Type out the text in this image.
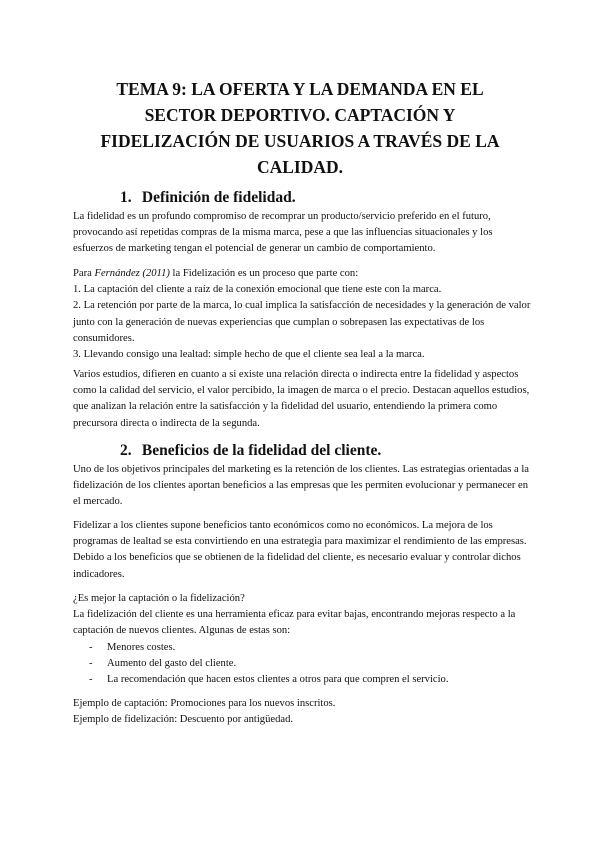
TEMA 9: LA OFERTA Y LA DEMANDA EN EL SECTOR DEPORTIVO. CAPTACIÓN Y FIDELIZACIÓN DE USUARIOS A TRAVÉS DE LA CALIDAD.
1. Definición de fidelidad.

La fidelidad es un profundo compromiso de recomprar un producto/servicio preferido en el futuro, provocando así repetidas compras de la misma marca, pese a que las influencias situacionales y los esfuerzos de marketing tengan el potencial de generar un cambio de comportamiento.

Para Fernández (2011) la Fidelización es un proceso que parte con:

1. La captación del cliente a raíz de la conexión emocional que tiene este con la marca.

2. La retención por parte de la marca, lo cual implica la satisfacción de necesidades y la generación de valor junto con la generación de nuevas experiencias que cumplan o sobrepasen las expectativas de los consumidores.

3. Llevando consigo una lealtad: simple hecho de que el cliente sea leal a la marca.

Varios estudios, difieren en cuanto a si existe una relación directa o indirecta entre la fidelidad y aspectos como la calidad del servicio, el valor percibido, la imagen de marca o el precio. Destacan aquellos estudios, que analizan la relación entre la satisfacción y la fidelidad del usuario, entendiendo la primera como precursora directa o indirecta de la segunda.

2. Beneficios de la fidelidad del cliente.

Uno de los objetivos principales del marketing es la retención de los clientes. Las estrategias orientadas a la fidelización de los clientes aportan beneficios a las empresas que les permiten evolucionar y permanecer en el mercado.

Fidelizar a los clientes supone beneficios tanto económicos como no económicos. La mejora de los programas de lealtad se esta convirtiendo en una estrategia para maximizar el rendimiento de las empresas. Debido a los beneficios que se obtienen de la fidelidad del cliente, es necesario evaluar y controlar dichos indicadores.

¿Es mejor la captación o la fidelización?

La fidelización del cliente es una herramienta eficaz para evitar bajas, encontrando mejoras respecto a la captación de nuevos clientes. Algunas de estas son:

- Menores costes.
- Aumento del gasto del cliente.
- La recomendación que hacen estos clientes a otros para que compren el servicio.

Ejemplo de captación: Promociones para los nuevos inscritos.

Ejemplo de fidelización: Descuento por antigüedad.
